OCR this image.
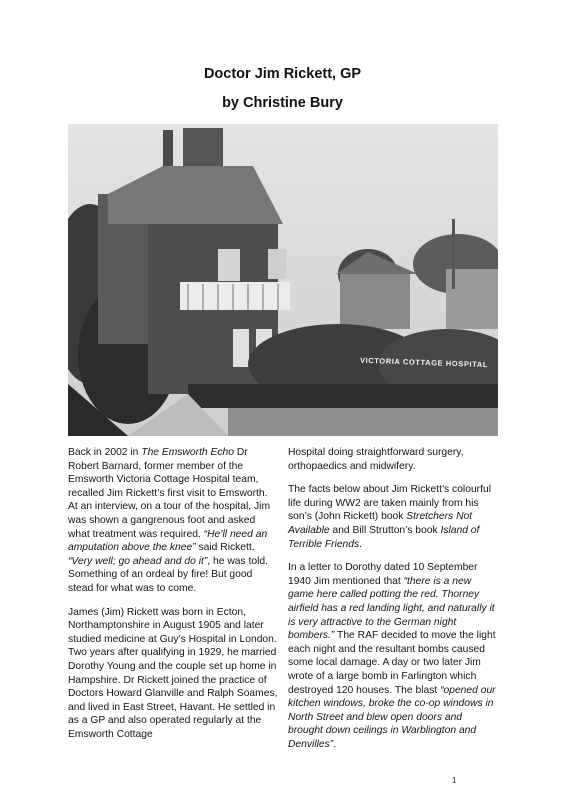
Doctor Jim Rickett, GP
by Christine Bury
VICTORIA COTTAGE HOSPITAL

Back in 2002 in The Emsworth Echo Dr Robert Barnard, former member of the Emsworth Victoria Cottage Hospital team, recalled Jim Rickett’s first visit to Emsworth. At an interview, on a tour of the hospital, Jim was shown a gangrenous foot and asked what treatment was required. “He’ll need an amputation above the knee” said Rickett. “Very well; go ahead and do it”, he was told. Something of an ordeal by fire! But good stead for what was to come.

James (Jim) Rickett was born in Ecton, Northamptonshire in August 1905 and later studied medicine at Guy’s Hospital in London. Two years after qualifying in 1929, he married Dorothy Young and the couple set up home in Hampshire. Dr Rickett joined the practice of Doctors Howard Glanville and Ralph Soames, and lived in East Street, Havant. He settled in as a GP and also operated regularly at the Emsworth Cottage

Hospital doing straightforward surgery, orthopaedics and midwifery.

The facts below about Jim Rickett’s colourful life during WW2 are taken mainly from his son’s (John Rickett) book Stretchers Not Available and Bill Strutton’s book Island of Terrible Friends.

In a letter to Dorothy dated 10 September 1940 Jim mentioned that “there is a new game here called potting the red. Thorney airfield has a red landing light, and naturally it is very attractive to the German night bombers.” The RAF decided to move the light each night and the resultant bombs caused some local damage. A day or two later Jim wrote of a large bomb in Farlington which destroyed 120 houses. The blast “opened our kitchen windows, broke the co-op windows in North Street and blew open doors and brought down ceilings in Warblington and Denvilles”.

1
